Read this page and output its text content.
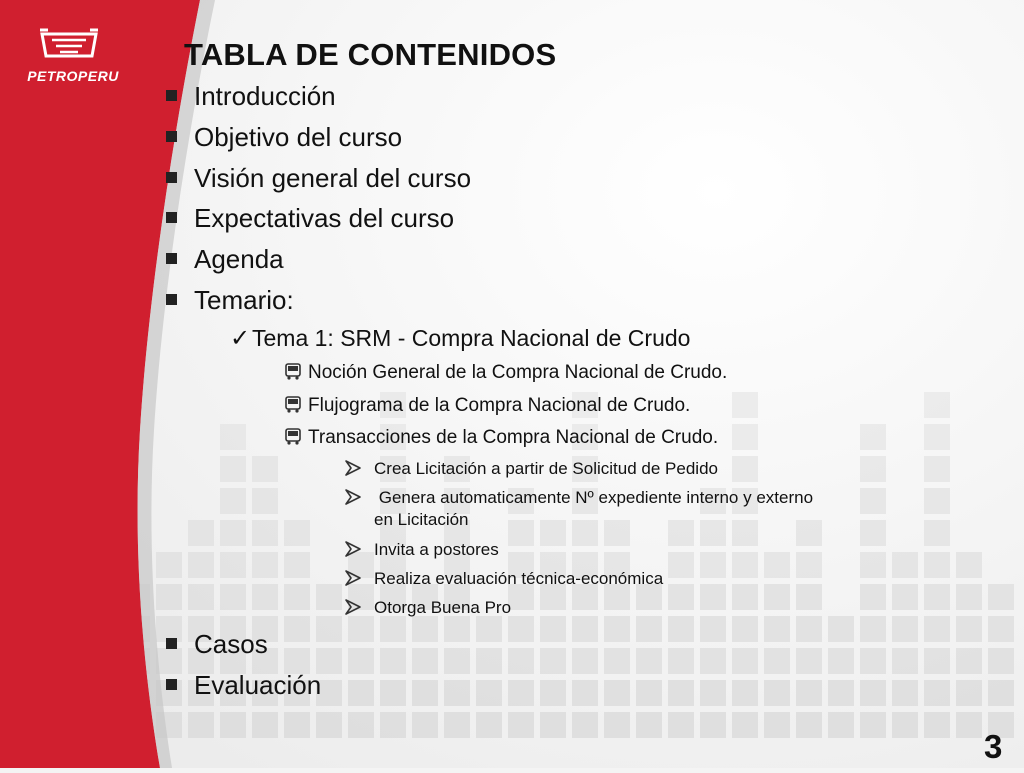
PETROPERU
TABLA DE CONTENIDOS
Introducción
Objetivo del curso
Visión general del curso
Expectativas del curso
Agenda
Temario:
✓Tema 1: SRM - Compra Nacional de Crudo
Noción General de la Compra Nacional de Crudo.
Flujograma de la Compra Nacional de Crudo.
Transacciones de la Compra Nacional de Crudo.
Crea Licitación a partir de Solicitud de Pedido
Genera automaticamente Nº expediente interno y externo
en Licitación
Invita a postores
Realiza evaluación técnica-económica
Otorga Buena Pro
Casos
Evaluación
3
